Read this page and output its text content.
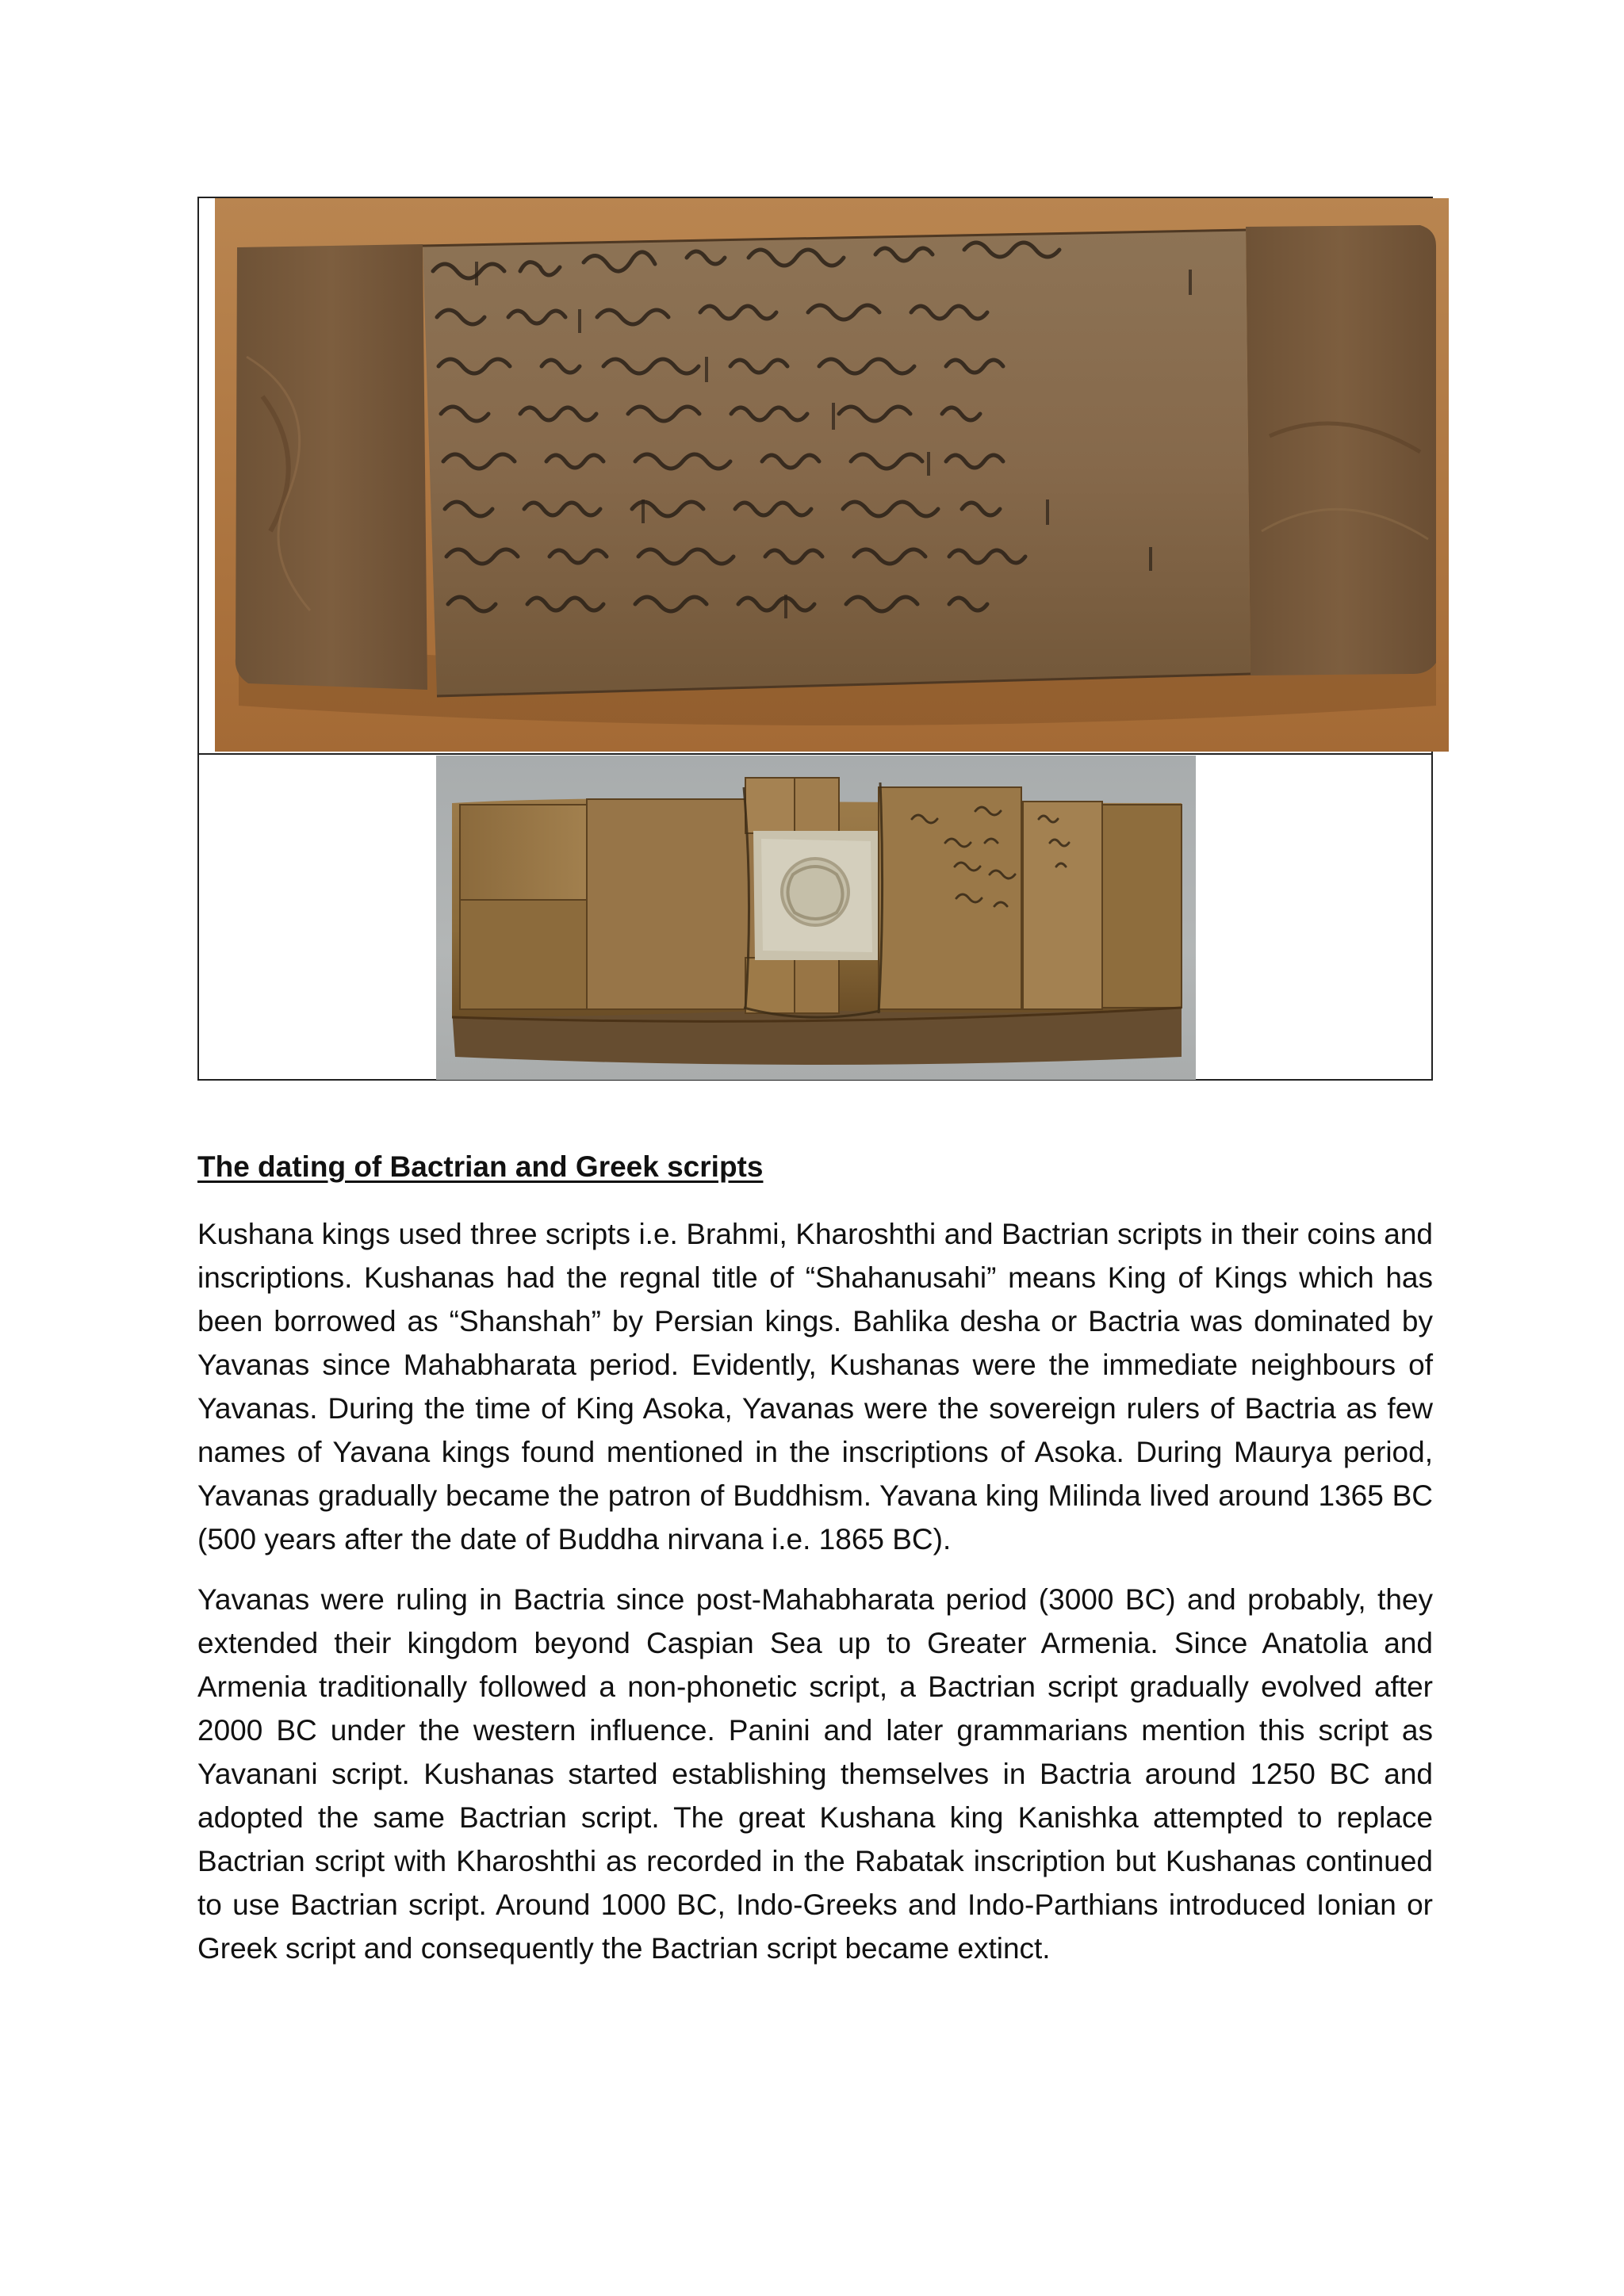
The dating of Bactrian and Greek scripts

Kushana kings used three scripts i.e. Brahmi, Kharoshthi and Bactrian scripts in their coins and inscriptions. Kushanas had the regnal title of “Shahanusahi” means King of Kings which has been borrowed as “Shanshah” by Persian kings. Bahlika desha or Bactria was dominated by Yavanas since Mahabharata period. Evidently, Kushanas were the immediate neighbours of Yavanas. During the time of King Asoka, Yavanas were the sovereign rulers of Bactria as few names of Yavana kings found mentioned in the inscriptions of Asoka. During Maurya period, Yavanas gradually became the patron of Buddhism. Yavana king Milinda lived around 1365 BC (500 years after the date of Buddha nirvana i.e. 1865 BC).

Yavanas were ruling in Bactria since post-Mahabharata period (3000 BC) and probably, they extended their kingdom beyond Caspian Sea up to Greater Armenia. Since Anatolia and Armenia traditionally followed a non-phonetic script, a Bactrian script gradually evolved after 2000 BC under the western influence. Panini and later grammarians mention this script as Yavanani script. Kushanas started establishing themselves in Bactria around 1250 BC and adopted the same Bactrian script. The great Kushana king Kanishka attempted to replace Bactrian script with Kharoshthi as recorded in the Rabatak inscription but Kushanas continued to use Bactrian script. Around 1000 BC, Indo-Greeks and Indo-Parthians introduced Ionian or Greek script and consequently the Bactrian script became extinct.
